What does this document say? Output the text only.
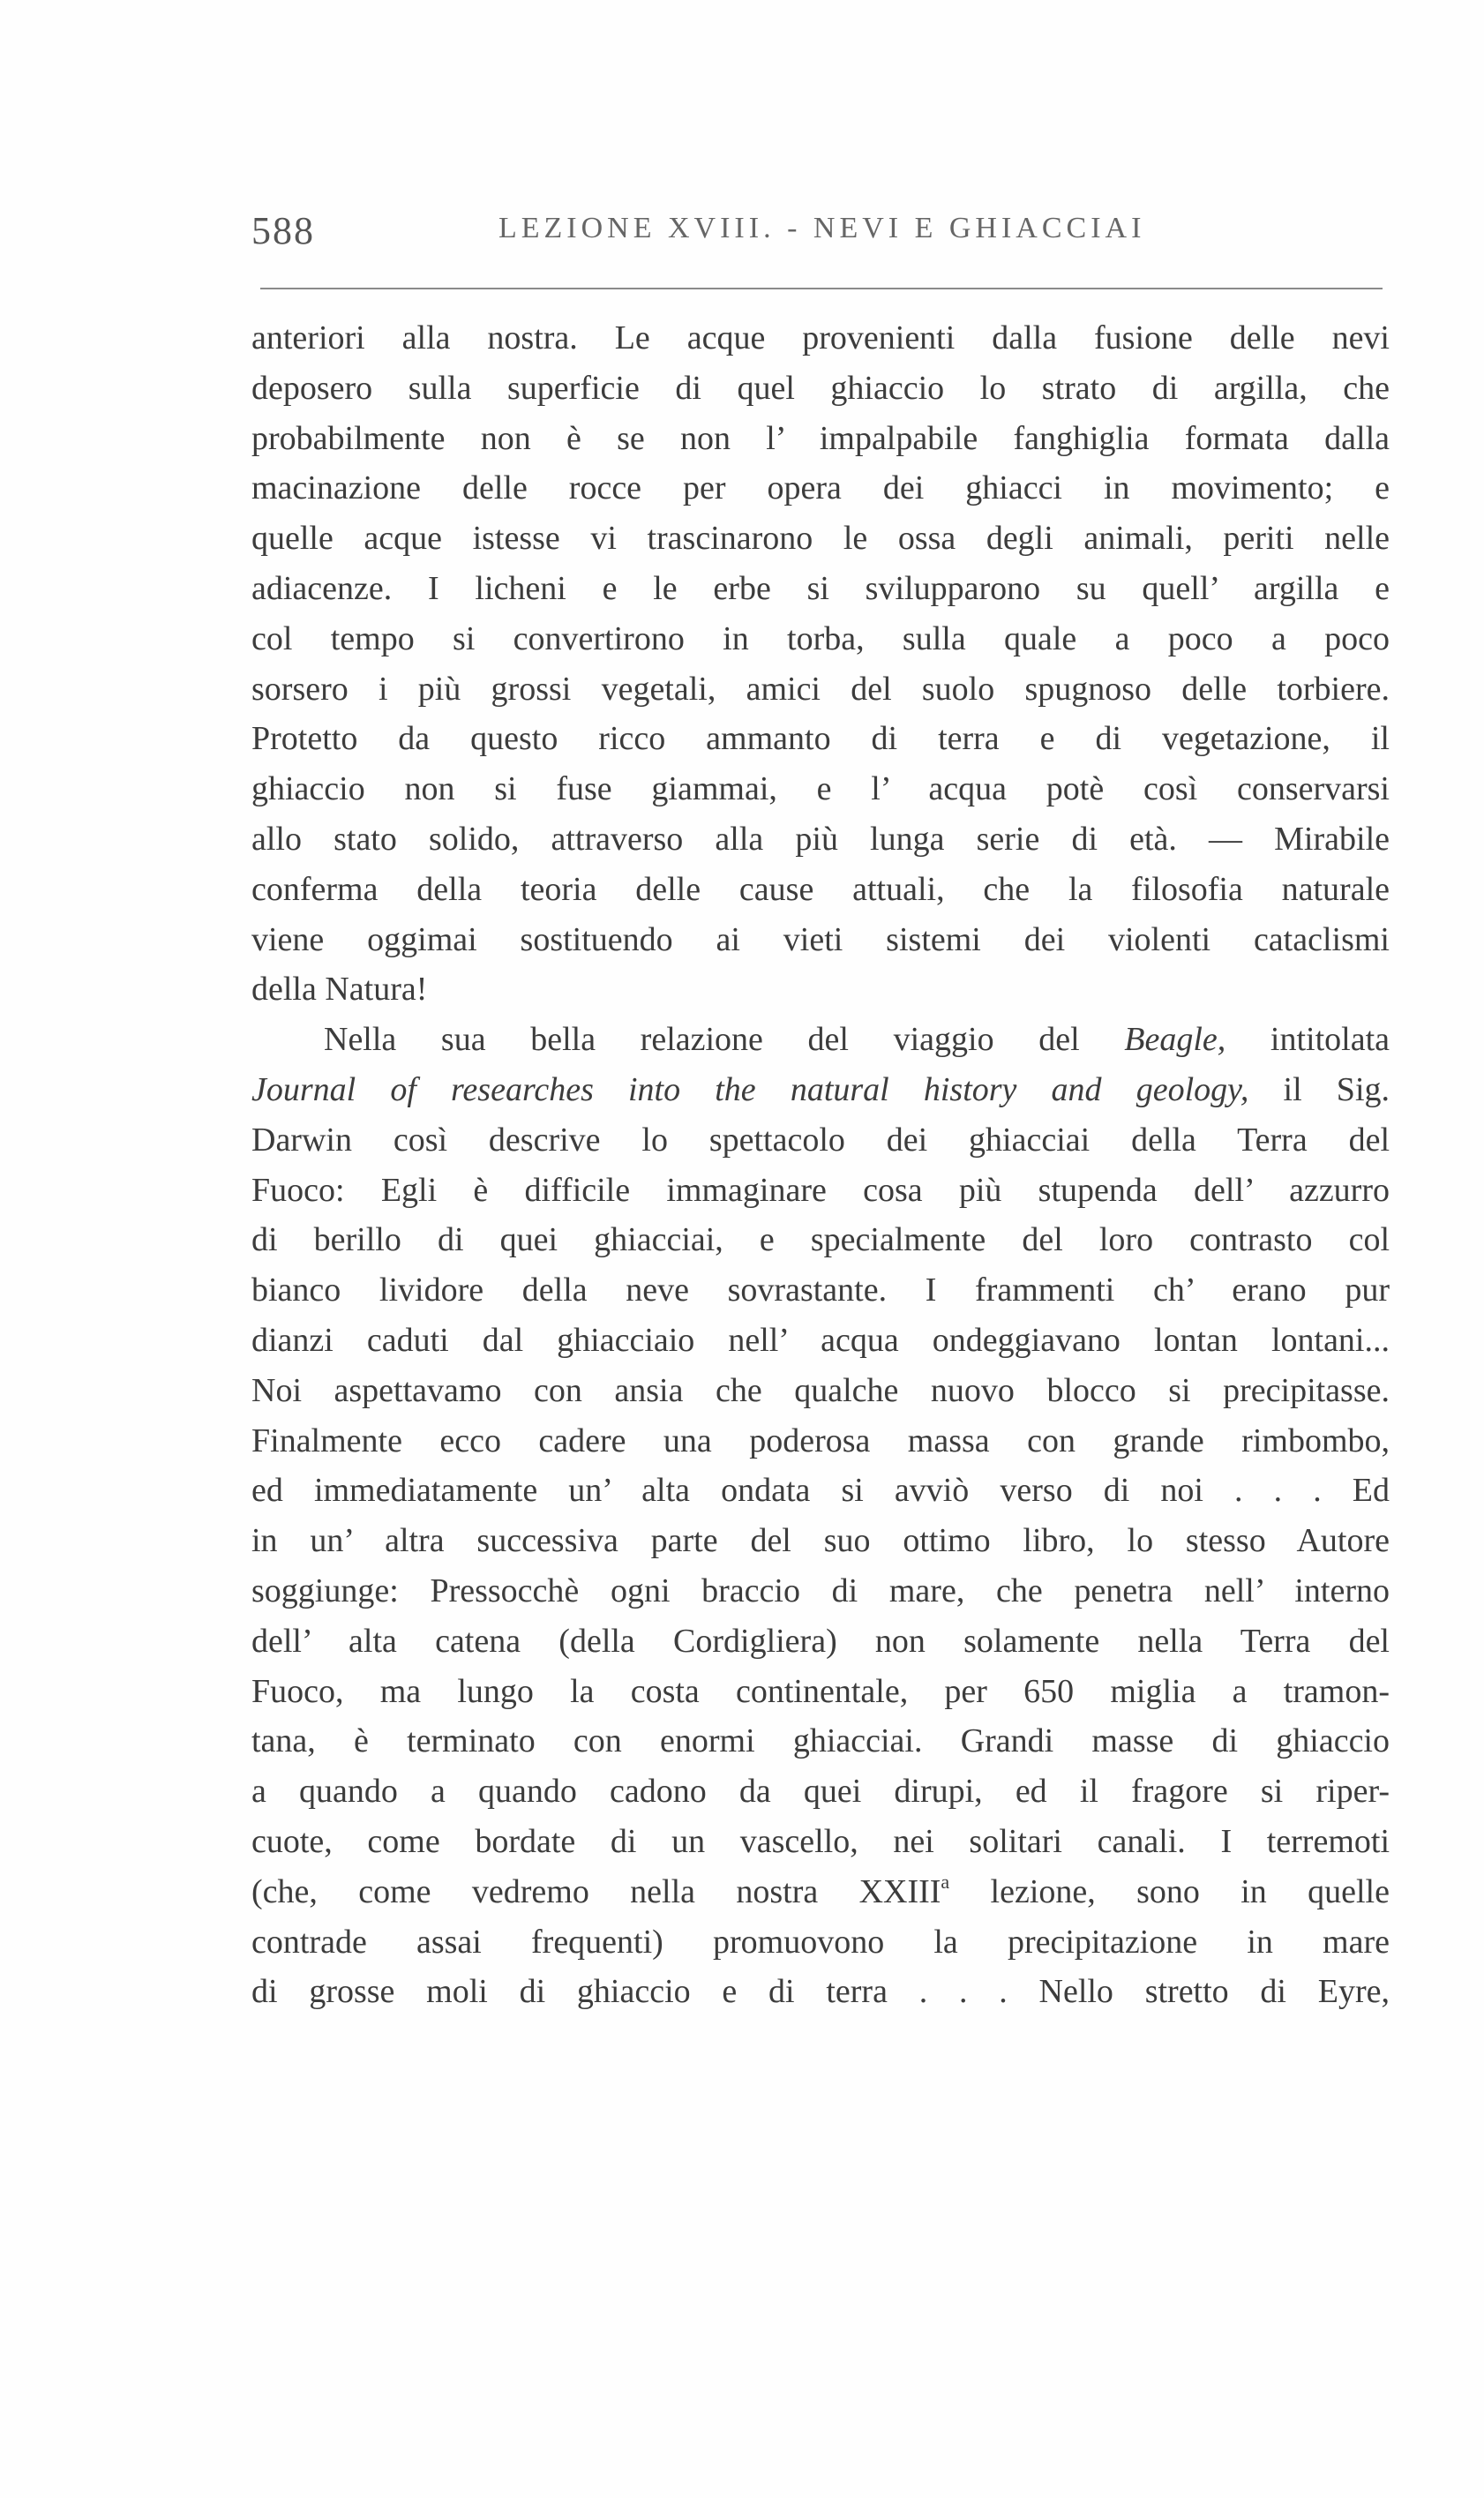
588	LEZIONE XVIII. - NEVI E GHIACCIAI
anteriori alla nostra. Le acque provenienti dalla fusione delle nevi
deposero sulla superficie di quel ghiaccio lo strato di argilla, che
probabilmente non è se non l’ impalpabile fanghiglia formata dalla
macinazione delle rocce per opera dei ghiacci in movimento; e
quelle acque istesse vi trascinarono le ossa degli animali, periti nelle
adiacenze. I licheni e le erbe si svilupparono su quell’ argilla e
col tempo si convertirono in torba, sulla quale a poco a poco
sorsero i più grossi vegetali, amici del suolo spugnoso delle torbiere.
Protetto da questo ricco ammanto di terra e di vegetazione, il
ghiaccio non si fuse giammai, e l’ acqua potè così conservarsi
allo stato solido, attraverso alla più lunga serie di età. — Mirabile
conferma della teoria delle cause attuali, che la filosofia naturale
viene oggimai sostituendo ai vieti sistemi dei violenti cataclismi
della Natura!
Nella sua bella relazione del viaggio del Beagle, intitolata
Journal of researches into the natural history and geology, il Sig.
Darwin così descrive lo spettacolo dei ghiacciai della Terra del
Fuoco: Egli è difficile immaginare cosa più stupenda dell’ azzurro
di berillo di quei ghiacciai, e specialmente del loro contrasto col
bianco lividore della neve sovrastante. I frammenti ch’ erano pur
dianzi caduti dal ghiacciaio nell’ acqua ondeggiavano lontan lontani...
Noi aspettavamo con ansia che qualche nuovo blocco si precipitasse.
Finalmente ecco cadere una poderosa massa con grande rimbombo,
ed immediatamente un’ alta ondata si avviò verso di noi . . . Ed
in un’ altra successiva parte del suo ottimo libro, lo stesso Autore
soggiunge: Pressocchè ogni braccio di mare, che penetra nell’ interno
dell’ alta catena (della Cordigliera) non solamente nella Terra del
Fuoco, ma lungo la costa continentale, per 650 miglia a tramon-
tana, è terminato con enormi ghiacciai. Grandi masse di ghiaccio
a quando a quando cadono da quei dirupi, ed il fragore si riper-
cuote, come bordate di un vascello, nei solitari canali. I terremoti
(che, come vedremo nella nostra XXIII$^a$ lezione, sono in quelle
contrade assai frequenti) promuovono la precipitazione in mare
di grosse moli di ghiaccio e di terra . . . Nello stretto di Eyre,
